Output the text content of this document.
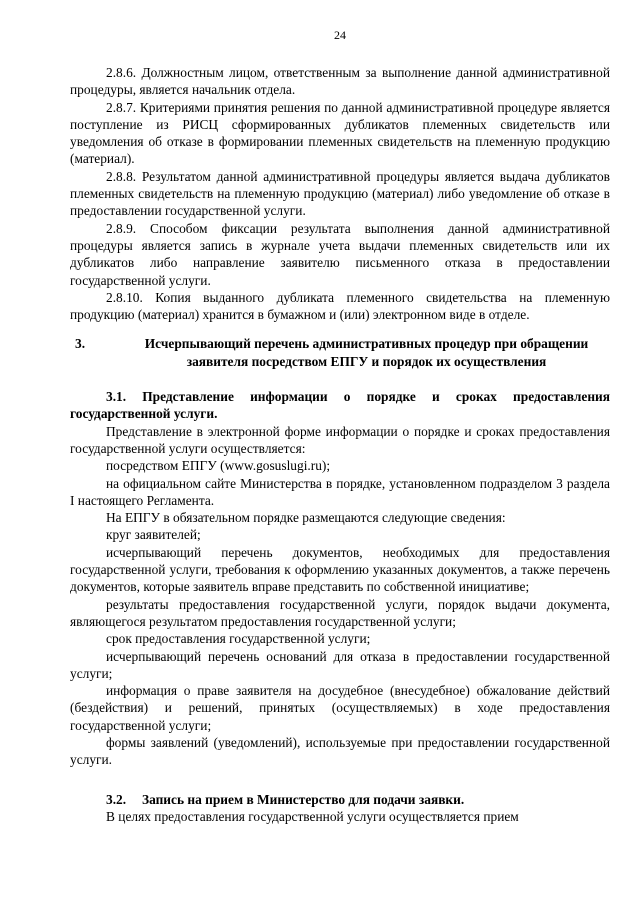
24

2.8.6. Должностным лицом, ответственным за выполнение данной административной процедуры, является начальник отдела.

2.8.7. Критериями принятия решения по данной административной процедуре является поступление из РИСЦ сформированных дубликатов племенных свидетельств или уведомления об отказе в формировании племенных свидетельств на племенную продукцию (материал).

2.8.8. Результатом данной административной процедуры является выдача дубликатов племенных свидетельств на племенную продукцию (материал) либо уведомление об отказе в предоставлении государственной услуги.

2.8.9. Способом фиксации результата выполнения данной административной процедуры является запись в журнале учета выдачи племенных свидетельств или их дубликатов либо направление заявителю письменного отказа в предоставлении государственной услуги.

2.8.10. Копия выданного дубликата племенного свидетельства на племенную продукцию (материал) хранится в бумажном и (или) электронном виде в отделе.

3.	Исчерпывающий перечень административных процедур при обращении заявителя посредством ЕПГУ и порядок их осуществления

3.1. Представление информации о порядке и сроках предоставления государственной услуги.

Представление в электронной форме информации о порядке и сроках предоставления государственной услуги осуществляется:

посредством ЕПГУ (www.gosuslugi.ru);

на официальном сайте Министерства в порядке, установленном подразделом 3 раздела I настоящего Регламента.

На ЕПГУ в обязательном порядке размещаются следующие сведения:

круг заявителей;

исчерпывающий перечень документов, необходимых для предоставления государственной услуги, требования к оформлению указанных документов, а также перечень документов, которые заявитель вправе представить по собственной инициативе;

результаты предоставления государственной услуги, порядок выдачи документа, являющегося результатом предоставления государственной услуги;

срок предоставления государственной услуги;

исчерпывающий перечень оснований для отказа в предоставлении государственной услуги;

информация о праве заявителя на досудебное (внесудебное) обжалование действий (бездействия) и решений, принятых (осуществляемых) в ходе предоставления государственной услуги;

формы заявлений (уведомлений), используемые при предоставлении государственной услуги.

3.2.	Запись на прием в Министерство для подачи заявки.

В целях предоставления государственной услуги осуществляется прием
